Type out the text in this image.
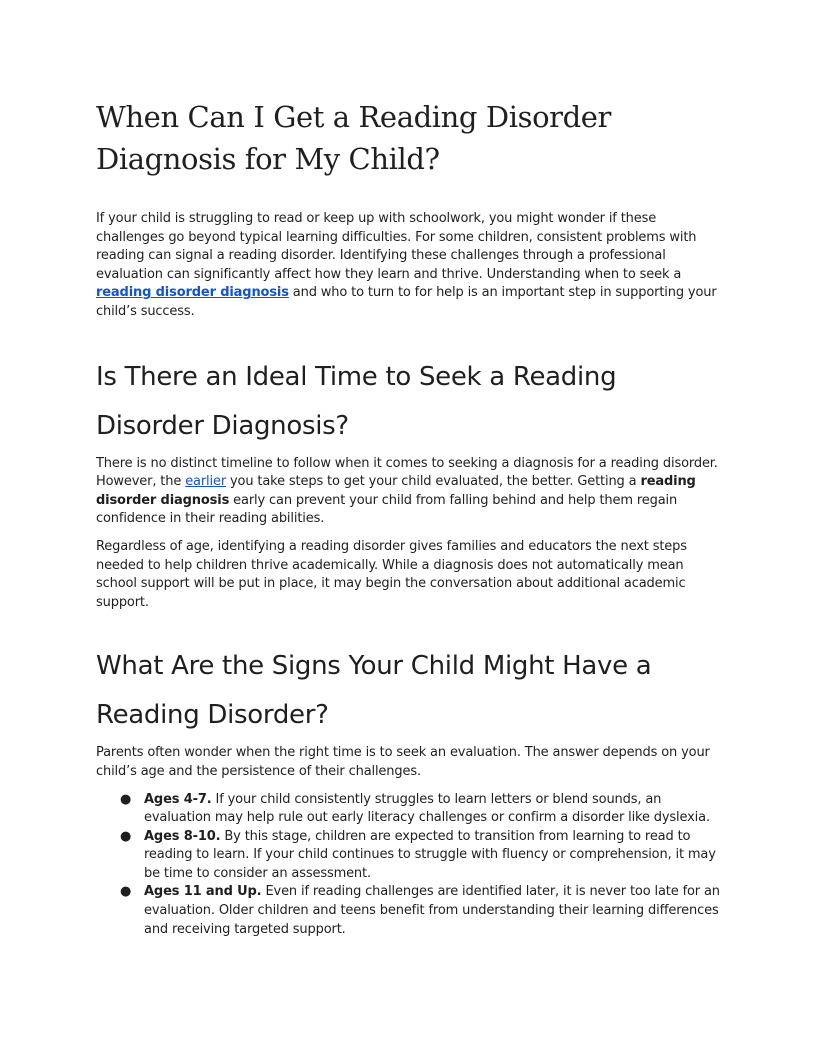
When Can I Get a Reading Disorder Diagnosis for My Child?

If your child is struggling to read or keep up with schoolwork, you might wonder if these challenges go beyond typical learning difficulties. For some children, consistent problems with reading can signal a reading disorder. Identifying these challenges through a professional evaluation can significantly affect how they learn and thrive. Understanding when to seek a reading disorder diagnosis and who to turn to for help is an important step in supporting your child’s success.

Is There an Ideal Time to Seek a Reading Disorder Diagnosis?

There is no distinct timeline to follow when it comes to seeking a diagnosis for a reading disorder. However, the earlier you take steps to get your child evaluated, the better. Getting a reading disorder diagnosis early can prevent your child from falling behind and help them regain confidence in their reading abilities.

Regardless of age, identifying a reading disorder gives families and educators the next steps needed to help children thrive academically. While a diagnosis does not automatically mean school support will be put in place, it may begin the conversation about additional academic support.

What Are the Signs Your Child Might Have a Reading Disorder?

Parents often wonder when the right time is to seek an evaluation. The answer depends on your child’s age and the persistence of their challenges.

● Ages 4-7. If your child consistently struggles to learn letters or blend sounds, an evaluation may help rule out early literacy challenges or confirm a disorder like dyslexia.
● Ages 8-10. By this stage, children are expected to transition from learning to read to reading to learn. If your child continues to struggle with fluency or comprehension, it may be time to consider an assessment.
● Ages 11 and Up. Even if reading challenges are identified later, it is never too late for an evaluation. Older children and teens benefit from understanding their learning differences and receiving targeted support.
